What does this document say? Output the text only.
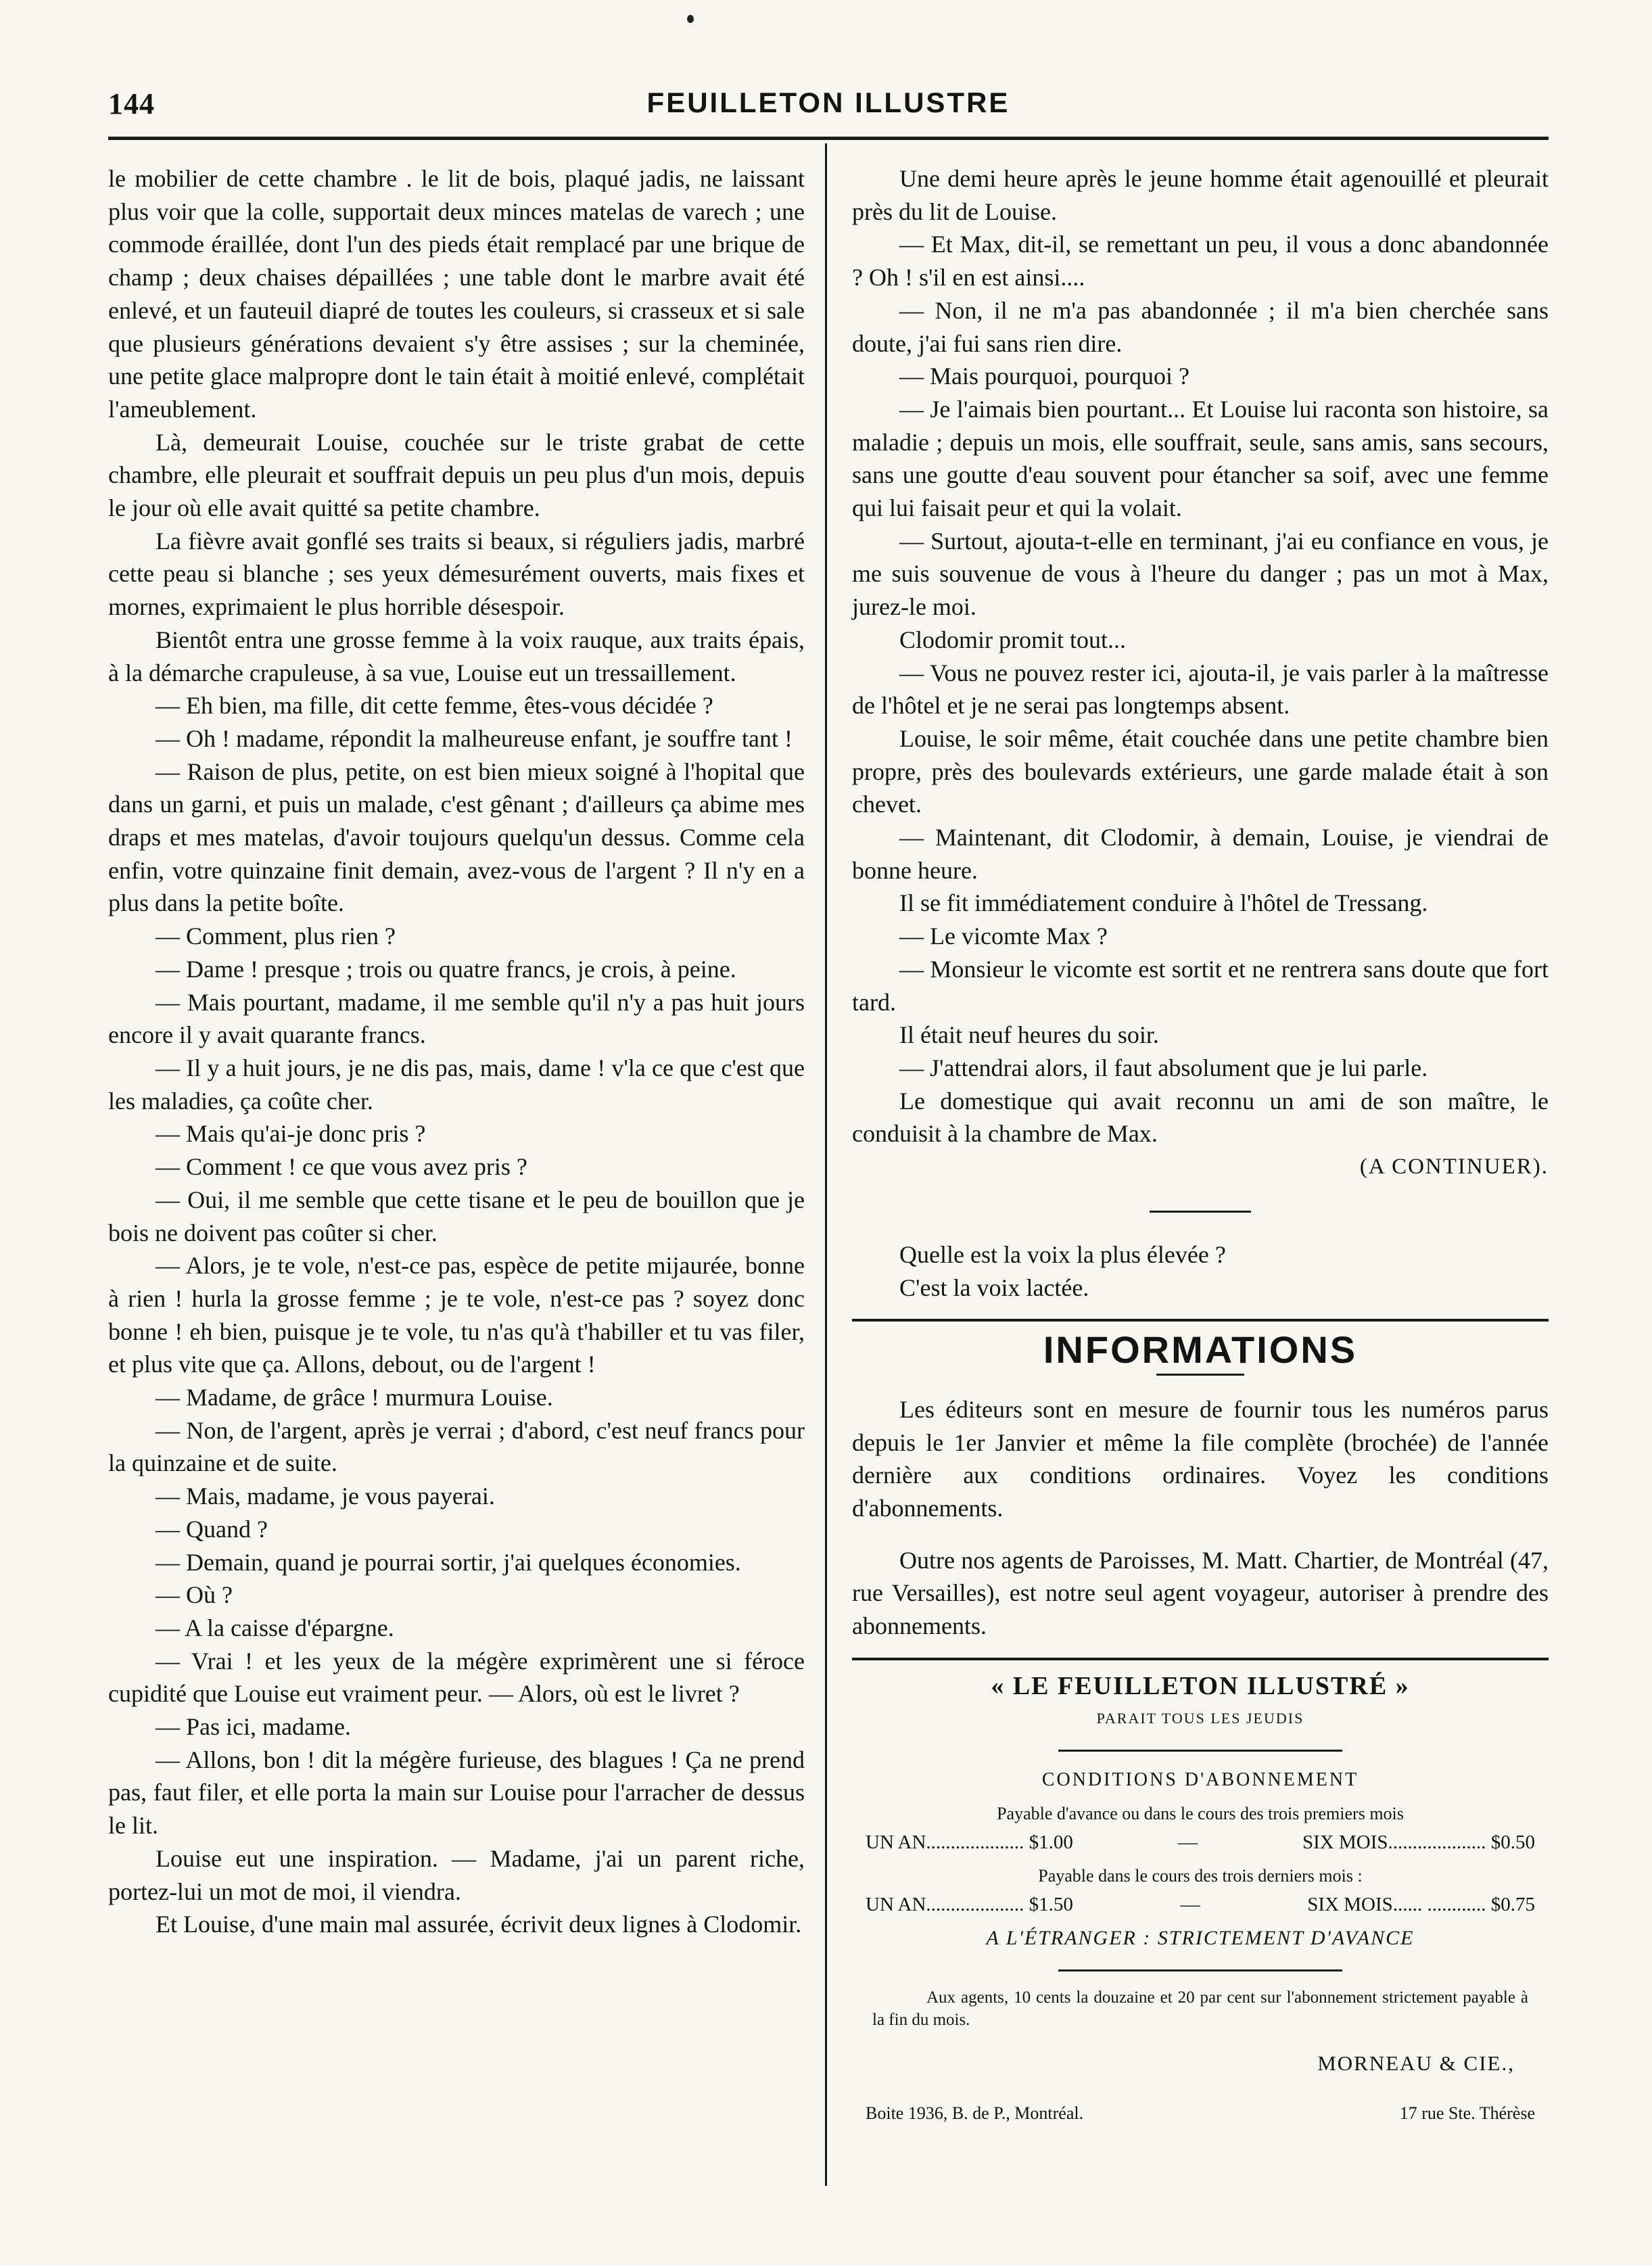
144	FEUILLETON ILLUSTRE

le mobilier de cette chambre . le lit de bois, plaqué jadis, ne laissant plus voir que la colle, supportait deux minces matelas de varech ; une commode éraillée, dont l'un des pieds était remplacé par une brique de champ ; deux chaises dépaillées ; une table dont le marbre avait été enlevé, et un fauteuil diapré de toutes les couleurs, si crasseux et si sale que plusieurs générations devaient s'y être assises ; sur la cheminée, une petite glace malpropre dont le tain était à moitié enlevé, complétait l'ameublement.

Là, demeurait Louise, couchée sur le triste grabat de cette chambre, elle pleurait et souffrait depuis un peu plus d'un mois, depuis le jour où elle avait quitté sa petite chambre.

La fièvre avait gonflé ses traits si beaux, si réguliers jadis, marbré cette peau si blanche ; ses yeux démesurément ouverts, mais fixes et mornes, exprimaient le plus horrible désespoir.

Bientôt entra une grosse femme à la voix rauque, aux traits épais, à la démarche crapuleuse, à sa vue, Louise eut un tressaillement.

— Eh bien, ma fille, dit cette femme, êtes-vous décidée ?

— Oh ! madame, répondit la malheureuse enfant, je souffre tant !

— Raison de plus, petite, on est bien mieux soigné à l'hopital que dans un garni, et puis un malade, c'est gênant ; d'ailleurs ça abime mes draps et mes matelas, d'avoir toujours quelqu'un dessus. Comme cela enfin, votre quinzaine finit demain, avez-vous de l'argent ? Il n'y en a plus dans la petite boîte.

— Comment, plus rien ?

— Dame ! presque ; trois ou quatre francs, je crois, à peine.

— Mais pourtant, madame, il me semble qu'il n'y a pas huit jours encore il y avait quarante francs.

— Il y a huit jours, je ne dis pas, mais, dame ! v'la ce que c'est que les maladies, ça coûte cher.

— Mais qu'ai-je donc pris ?

— Comment ! ce que vous avez pris ?

— Oui, il me semble que cette tisane et le peu de bouillon que je bois ne doivent pas coûter si cher.

— Alors, je te vole, n'est-ce pas, espèce de petite mijaurée, bonne à rien ! hurla la grosse femme ; je te vole, n'est-ce pas ? soyez donc bonne ! eh bien, puisque je te vole, tu n'as qu'à t'habiller et tu vas filer, et plus vite que ça. Allons, debout, ou de l'argent !

— Madame, de grâce ! murmura Louise.

— Non, de l'argent, après je verrai ; d'abord, c'est neuf francs pour la quinzaine et de suite.

— Mais, madame, je vous payerai.

— Quand ?

— Demain, quand je pourrai sortir, j'ai quelques économies.

— Où ?

— A la caisse d'épargne.

— Vrai ! et les yeux de la mégère exprimèrent une si féroce cupidité que Louise eut vraiment peur. — Alors, où est le livret ?

— Pas ici, madame.

— Allons, bon ! dit la mégère furieuse, des blagues ! Ça ne prend pas, faut filer, et elle porta la main sur Louise pour l'arracher de dessus le lit.

Louise eut une inspiration. — Madame, j'ai un parent riche, portez-lui un mot de moi, il viendra.

Et Louise, d'une main mal assurée, écrivit deux lignes à Clodomir.

Une demi heure après le jeune homme était agenouillé et pleurait près du lit de Louise.

— Et Max, dit-il, se remettant un peu, il vous a donc abandonnée ? Oh ! s'il en est ainsi....

— Non, il ne m'a pas abandonnée ; il m'a bien cherchée sans doute, j'ai fui sans rien dire.

— Mais pourquoi, pourquoi ?

— Je l'aimais bien pourtant... Et Louise lui raconta son histoire, sa maladie ; depuis un mois, elle souffrait, seule, sans amis, sans secours, sans une goutte d'eau souvent pour étancher sa soif, avec une femme qui lui faisait peur et qui la volait.

— Surtout, ajouta-t-elle en terminant, j'ai eu confiance en vous, je me suis souvenue de vous à l'heure du danger ; pas un mot à Max, jurez-le moi.

Clodomir promit tout...

— Vous ne pouvez rester ici, ajouta-il, je vais parler à la maîtresse de l'hôtel et je ne serai pas longtemps absent.

Louise, le soir même, était couchée dans une petite chambre bien propre, près des boulevards extérieurs, une garde malade était à son chevet.

— Maintenant, dit Clodomir, à demain, Louise, je viendrai de bonne heure.

Il se fit immédiatement conduire à l'hôtel de Tressang.

— Le vicomte Max ?

— Monsieur le vicomte est sortit et ne rentrera sans doute que fort tard.

Il était neuf heures du soir.

— J'attendrai alors, il faut absolument que je lui parle.

Le domestique qui avait reconnu un ami de son maître, le conduisit à la chambre de Max.

(A CONTINUER).

Quelle est la voix la plus élevée ?

C'est la voix lactée.

INFORMATIONS

Les éditeurs sont en mesure de fournir tous les numéros parus depuis le 1er Janvier et même la file complète (brochée) de l'année dernière aux conditions ordinaires. Voyez les conditions d'abonnements.

Outre nos agents de Paroisses, M. Matt. Chartier, de Montréal (47, rue Versailles), est notre seul agent voyageur, autoriser à prendre des abonnements.

« LE FEUILLETON ILLUSTRÉ »
PARAIT TOUS LES JEUDIS
CONDITIONS D'ABONNEMENT
Payable d'avance ou dans le cours des trois premiers mois
UN AN.................... $1.00	—	SIX MOIS.................... $0.50
Payable dans le cours des trois derniers mois :
UN AN.................... $1.50	—	SIX MOIS...... ............ $0.75
A L'ÉTRANGER : STRICTEMENT D'AVANCE
Aux agents, 10 cents la douzaine et 20 par cent sur l'abonnement strictement payable à la fin du mois.
MORNEAU & CIE.,
Boite 1936, B. de P., Montréal.	17 rue Ste. Thérèse
